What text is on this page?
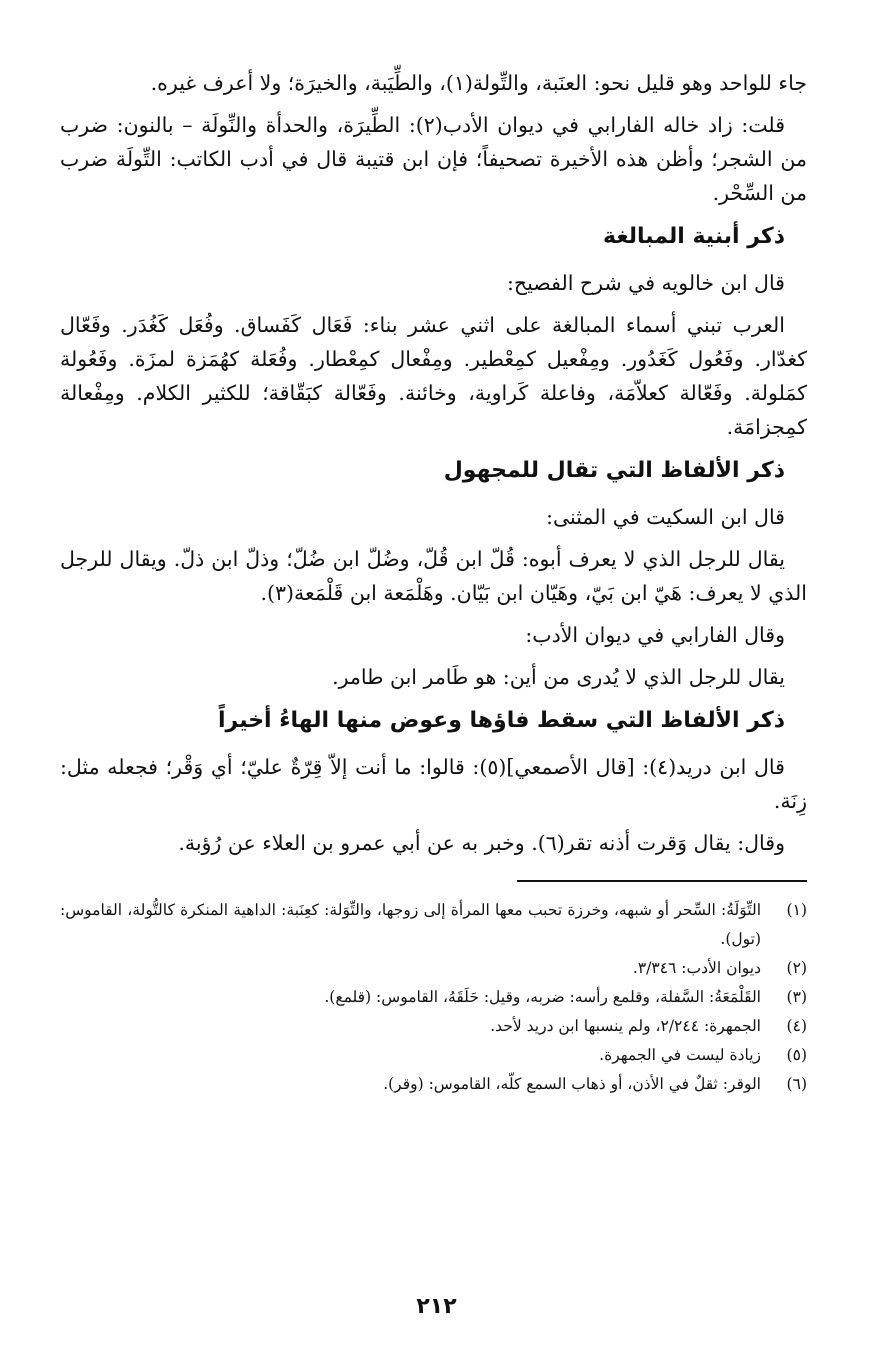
جاء للواحد وهو قليل نحو: العنَبة، والتِّولة(١)، والطِّيَبة، والخيرَة؛ ولا أعرف غيره.

قلت: زاد خاله الفارابي في ديوان الأدب(٢): الطِّيرَة، والحدأة والنِّولَة – بالنون: ضرب من الشجر؛ وأظن هذه الأخيرة تصحيفاً؛ فإن ابن قتيبة قال في أدب الكاتب: التِّولَة ضرب من السِّحْر.

ذكر أبنية المبالغة

قال ابن خالويه في شرح الفصيح:

العرب تبني أسماء المبالغة على اثني عشر بناء: فَعَال كَفَساق. وفُعَل كَغُدَر. وفَعّال كغدّار. وفَعُول كَغَدُور. ومِفْعيل كمِعْطير. ومِفْعال كمِعْطار. وفُعَلة كهُمَزة لمزَة. وفَعُولة كمَلولة. وفَعّالة كعلاّمَة، وفاعلة كَراوية، وخائنة. وفَعّالة كبَقّاقة؛ للكثير الكلام. ومِفْعالة كمِجزامَة.

ذكر الألفاظ التي تقال للمجهول

قال ابن السكيت في المثنى:

يقال للرجل الذي لا يعرف أبوه: قُلّ ابن قُلّ، وضُلّ ابن ضُلّ؛ وذلّ ابن ذلّ. ويقال للرجل الذي لا يعرف: هَيّ ابن بَيّ، وهَيّان ابن بَيّان. وهَلْمَعة ابن قَلْمَعة(٣).

وقال الفارابي في ديوان الأدب:

يقال للرجل الذي لا يُدرى من أين: هو طَامر ابن طامر.

ذكر الألفاظ التي سقط فاؤها وعوض منها الهاءُ أخيراً

قال ابن دريد(٤): [قال الأصمعي](٥): قالوا: ما أنت إلاّ قِرّةٌ عليّ؛ أي وَقْر؛ فجعله مثل: زِنَة.

وقال: يقال وَقرت أذنه تقر(٦). وخبر به عن أبي عمرو بن العلاء عن رُؤبة.

(١)
التِّوَلَةُ: السِّحر أو شبهه، وخرزة تحبب معها المرأة إلى زوجها، والتِّوَلة: كعِنَبة: الداهية المنكرة كالتُّولة، القاموس: (تول).
(٢)
ديوان الأدب: ٣/٣٤٦.
(٣)
القَلْمَعَةُ: السَّفلة، وقلمع رأسه: ضربه، وقيل: حَلَقَهُ، القاموس: (قلمع).
(٤)
الجمهرة: ٢/٢٤٤، ولم ينسبها ابن دريد لأحد.
(٥)
زيادة ليست في الجمهرة.
(٦)
الوقر: ثقلٌ في الأذن، أو ذهاب السمع كلّه، القاموس: (وقر).
٢١٢
